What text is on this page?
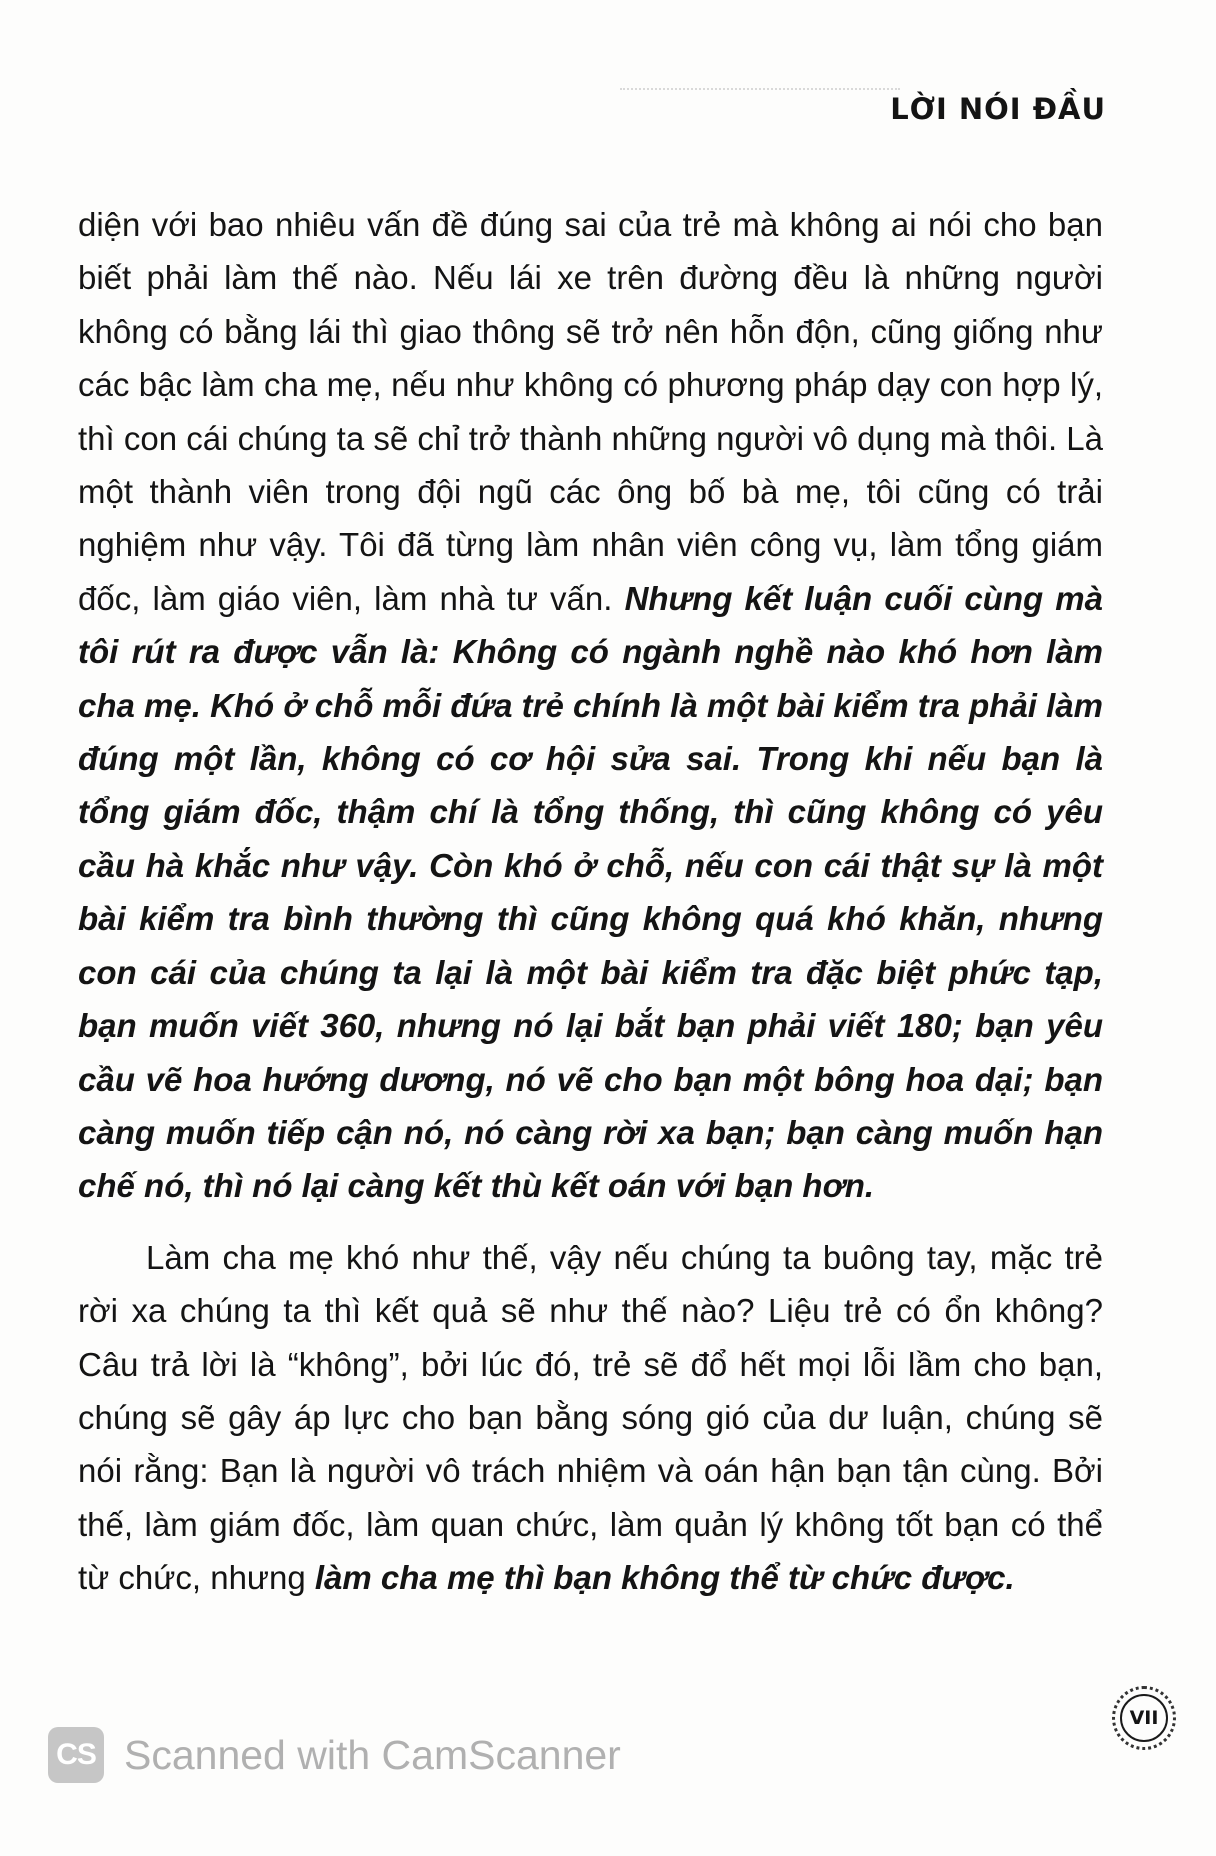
LỜI NÓI ĐẦU

diện với bao nhiêu vấn đề đúng sai của trẻ mà không ai nói cho bạn biết phải làm thế nào. Nếu lái xe trên đường đều là những người không có bằng lái thì giao thông sẽ trở nên hỗn độn, cũng giống như các bậc làm cha mẹ, nếu như không có phương pháp dạy con hợp lý, thì con cái chúng ta sẽ chỉ trở thành những người vô dụng mà thôi. Là một thành viên trong đội ngũ các ông bố bà mẹ, tôi cũng có trải nghiệm như vậy. Tôi đã từng làm nhân viên công vụ, làm tổng giám đốc, làm giáo viên, làm nhà tư vấn. Nhưng kết luận cuối cùng mà tôi rút ra được vẫn là: Không có ngành nghề nào khó hơn làm cha mẹ. Khó ở chỗ mỗi đứa trẻ chính là một bài kiểm tra phải làm đúng một lần, không có cơ hội sửa sai. Trong khi nếu bạn là tổng giám đốc, thậm chí là tổng thống, thì cũng không có yêu cầu hà khắc như vậy. Còn khó ở chỗ, nếu con cái thật sự là một bài kiểm tra bình thường thì cũng không quá khó khăn, nhưng con cái của chúng ta lại là một bài kiểm tra đặc biệt phức tạp, bạn muốn viết 360, nhưng nó lại bắt bạn phải viết 180; bạn yêu cầu vẽ hoa hướng dương, nó vẽ cho bạn một bông hoa dại; bạn càng muốn tiếp cận nó, nó càng rời xa bạn; bạn càng muốn hạn chế nó, thì nó lại càng kết thù kết oán với bạn hơn.

Làm cha mẹ khó như thế, vậy nếu chúng ta buông tay, mặc trẻ rời xa chúng ta thì kết quả sẽ như thế nào? Liệu trẻ có ổn không? Câu trả lời là “không”, bởi lúc đó, trẻ sẽ đổ hết mọi lỗi lầm cho bạn, chúng sẽ gây áp lực cho bạn bằng sóng gió của dư luận, chúng sẽ nói rằng: Bạn là người vô trách nhiệm và oán hận bạn tận cùng. Bởi thế, làm giám đốc, làm quan chức, làm quản lý không tốt bạn có thể từ chức, nhưng làm cha mẹ thì bạn không thể từ chức được.

VII
CS Scanned with CamScanner
